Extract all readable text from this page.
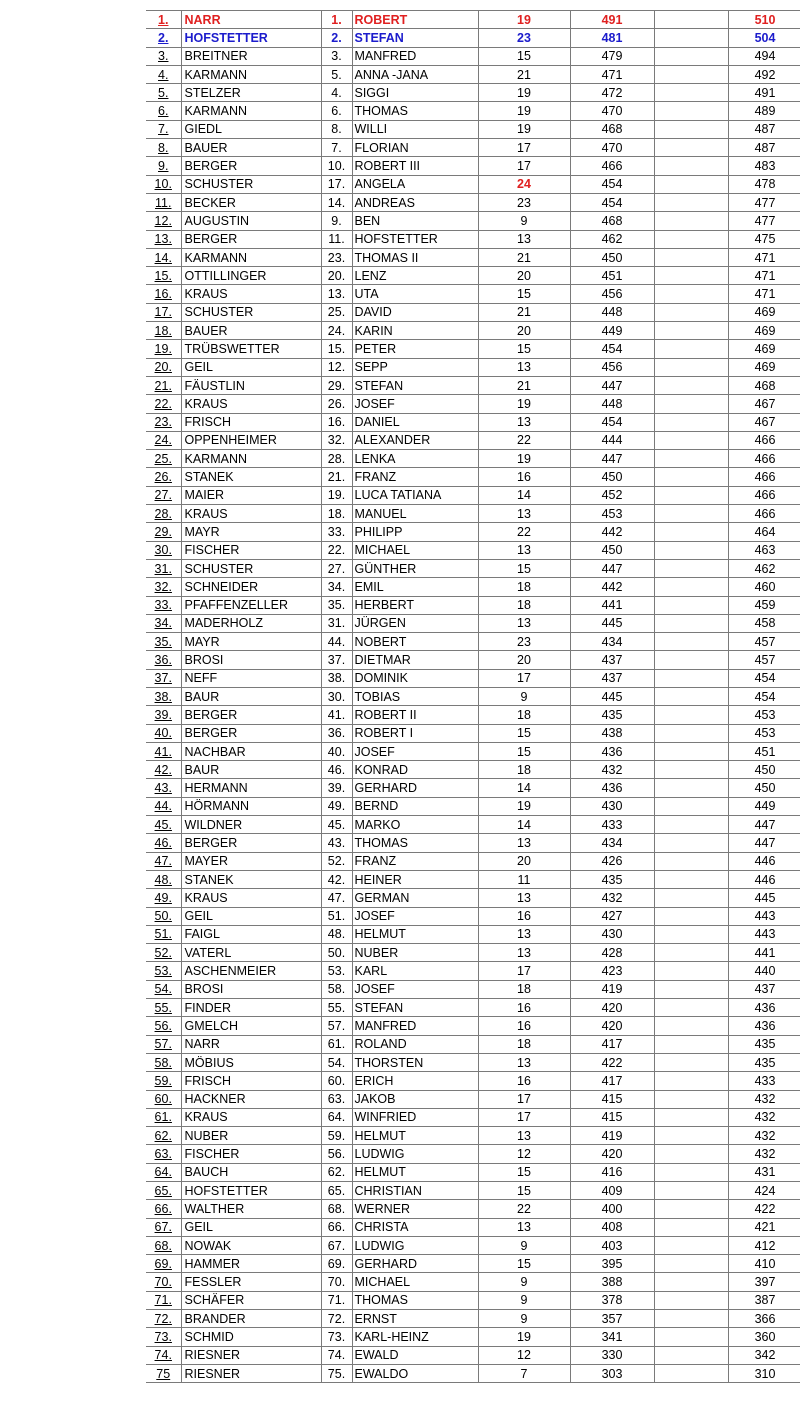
1.	NARR	1.	ROBERT	19	491		510
2.	HOFSTETTER	2.	STEFAN	23	481		504
3.	BREITNER	3.	MANFRED	15	479		494
4.	KARMANN	5.	ANNA -JANA	21	471		492
5.	STELZER	4.	SIGGI	19	472		491
6.	KARMANN	6.	THOMAS	19	470		489
7.	GIEDL	8.	WILLI	19	468		487
8.	BAUER	7.	FLORIAN	17	470		487
9.	BERGER	10.	ROBERT III	17	466		483
10.	SCHUSTER	17.	ANGELA	24	454		478
11.	BECKER	14.	ANDREAS	23	454		477
12.	AUGUSTIN	9.	BEN	9	468		477
13.	BERGER	11.	HOFSTETTER	13	462		475
14.	KARMANN	23.	THOMAS II	21	450		471
15.	OTTILLINGER	20.	LENZ	20	451		471
16.	KRAUS	13.	UTA	15	456		471
17.	SCHUSTER	25.	DAVID	21	448		469
18.	BAUER	24.	KARIN	20	449		469
19.	TRÜBSWETTER	15.	PETER	15	454		469
20.	GEIL	12.	SEPP	13	456		469
21.	FÄUSTLIN	29.	STEFAN	21	447		468
22.	KRAUS	26.	JOSEF	19	448		467
23.	FRISCH	16.	DANIEL	13	454		467
24.	OPPENHEIMER	32.	ALEXANDER	22	444		466
25.	KARMANN	28.	LENKA	19	447		466
26.	STANEK	21.	FRANZ	16	450		466
27.	MAIER	19.	LUCA TATIANA	14	452		466
28.	KRAUS	18.	MANUEL	13	453		466
29.	MAYR	33.	PHILIPP	22	442		464
30.	FISCHER	22.	MICHAEL	13	450		463
31.	SCHUSTER	27.	GÜNTHER	15	447		462
32.	SCHNEIDER	34.	EMIL	18	442		460
33.	PFAFFENZELLER	35.	HERBERT	18	441		459
34.	MADERHOLZ	31.	JÜRGEN	13	445		458
35.	MAYR	44.	NOBERT	23	434		457
36.	BROSI	37.	DIETMAR	20	437		457
37.	NEFF	38.	DOMINIK	17	437		454
38.	BAUR	30.	TOBIAS	9	445		454
39.	BERGER	41.	ROBERT II	18	435		453
40.	BERGER	36.	ROBERT I	15	438		453
41.	NACHBAR	40.	JOSEF	15	436		451
42.	BAUR	46.	KONRAD	18	432		450
43.	HERMANN	39.	GERHARD	14	436		450
44.	HÖRMANN	49.	BERND	19	430		449
45.	WILDNER	45.	MARKO	14	433		447
46.	BERGER	43.	THOMAS	13	434		447
47.	MAYER	52.	FRANZ	20	426		446
48.	STANEK	42.	HEINER	11	435		446
49.	KRAUS	47.	GERMAN	13	432		445
50.	GEIL	51.	JOSEF	16	427		443
51.	FAIGL	48.	HELMUT	13	430		443
52.	VATERL	50.	NUBER	13	428		441
53.	ASCHENMEIER	53.	KARL	17	423		440
54.	BROSI	58.	JOSEF	18	419		437
55.	FINDER	55.	STEFAN	16	420		436
56.	GMELCH	57.	MANFRED	16	420		436
57.	NARR	61.	ROLAND	18	417		435
58.	MÖBIUS	54.	THORSTEN	13	422		435
59.	FRISCH	60.	ERICH	16	417		433
60.	HACKNER	63.	JAKOB	17	415		432
61.	KRAUS	64.	WINFRIED	17	415		432
62.	NUBER	59.	HELMUT	13	419		432
63.	FISCHER	56.	LUDWIG	12	420		432
64.	BAUCH	62.	HELMUT	15	416		431
65.	HOFSTETTER	65.	CHRISTIAN	15	409		424
66.	WALTHER	68.	WERNER	22	400		422
67.	GEIL	66.	CHRISTA	13	408		421
68.	NOWAK	67.	LUDWIG	9	403		412
69.	HAMMER	69.	GERHARD	15	395		410
70.	FESSLER	70.	MICHAEL	9	388		397
71.	SCHÄFER	71.	THOMAS	9	378		387
72.	BRANDER	72.	ERNST	9	357		366
73.	SCHMID	73.	KARL-HEINZ	19	341		360
74.	RIESNER	74.	EWALD	12	330		342
75	RIESNER	75.	EWALDO	7	303		310
